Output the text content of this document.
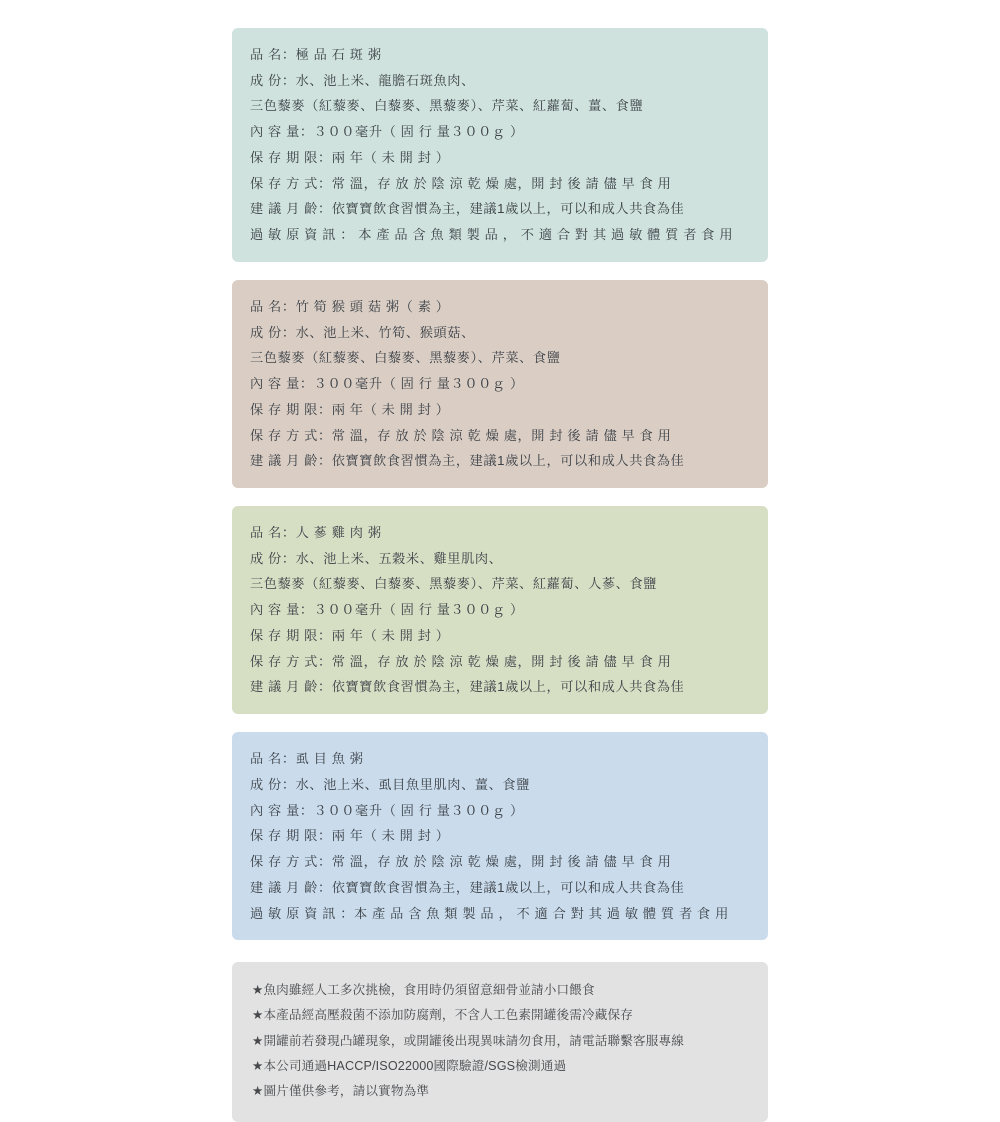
品 名：極 品 石 斑 粥
成 份：水、池上米、龍膽石斑魚肉、
三色藜麥（紅藜麥、白藜麥、黑藜麥）、芹菜、紅蘿蔔、薑、食鹽
內 容 量：３００毫升（ 固 行 量３００ｇ ）
保 存 期 限：兩 年（ 未 開 封 ）
保 存 方 式：常 溫，存 放 於 陰 涼 乾 燥 處，開 封 後 請 儘 早 食 用
建 議 月 齡：依寶寶飲食習慣為主，建議1歲以上，可以和成人共食為佳
過 敏 原 資 訊 ： 本 產 品 含 魚 類 製 品 ， 不 適 合 對 其 過 敏 體 質 者 食 用
品 名：竹 筍 猴 頭 菇 粥（ 素 ）
成 份：水、池上米、竹筍、猴頭菇、
三色藜麥（紅藜麥、白藜麥、黑藜麥）、芹菜、食鹽
內 容 量：３００毫升（ 固 行 量３００ｇ ）
保 存 期 限：兩 年（ 未 開 封 ）
保 存 方 式：常 溫，存 放 於 陰 涼 乾 燥 處，開 封 後 請 儘 早 食 用
建 議 月 齡：依寶寶飲食習慣為主，建議1歲以上，可以和成人共食為佳
品 名：人 蔘 雞 肉 粥
成 份：水、池上米、五穀米、雞里肌肉、
三色藜麥（紅藜麥、白藜麥、黑藜麥）、芹菜、紅蘿蔔、人蔘、食鹽
內 容 量：３００毫升（ 固 行 量３００ｇ ）
保 存 期 限：兩 年（ 未 開 封 ）
保 存 方 式：常 溫，存 放 於 陰 涼 乾 燥 處，開 封 後 請 儘 早 食 用
建 議 月 齡：依寶寶飲食習慣為主，建議1歲以上，可以和成人共食為佳
品 名：虱 目 魚 粥
成 份：水、池上米、虱目魚里肌肉、薑、食鹽
內 容 量：３００毫升（ 固 行 量３００ｇ ）
保 存 期 限：兩 年（ 未 開 封 ）
保 存 方 式：常 溫，存 放 於 陰 涼 乾 燥 處，開 封 後 請 儘 早 食 用
建 議 月 齡：依寶寶飲食習慣為主，建議1歲以上，可以和成人共食為佳
過 敏 原 資 訊 ：本 產 品 含 魚 類 製 品 ， 不 適 合 對 其 過 敏 體 質 者 食 用
★魚肉雖經人工多次挑檢，食用時仍須留意細骨並請小口餵食
★本產品經高壓殺菌不添加防腐劑，不含人工色素開罐後需冷藏保存
★開罐前若發現凸罐現象，或開罐後出現異味請勿食用，請電話聯繫客服專線
★本公司通過HACCP/ISO22000國際驗證/SGS檢測通過
★圖片僅供參考，請以實物為準
